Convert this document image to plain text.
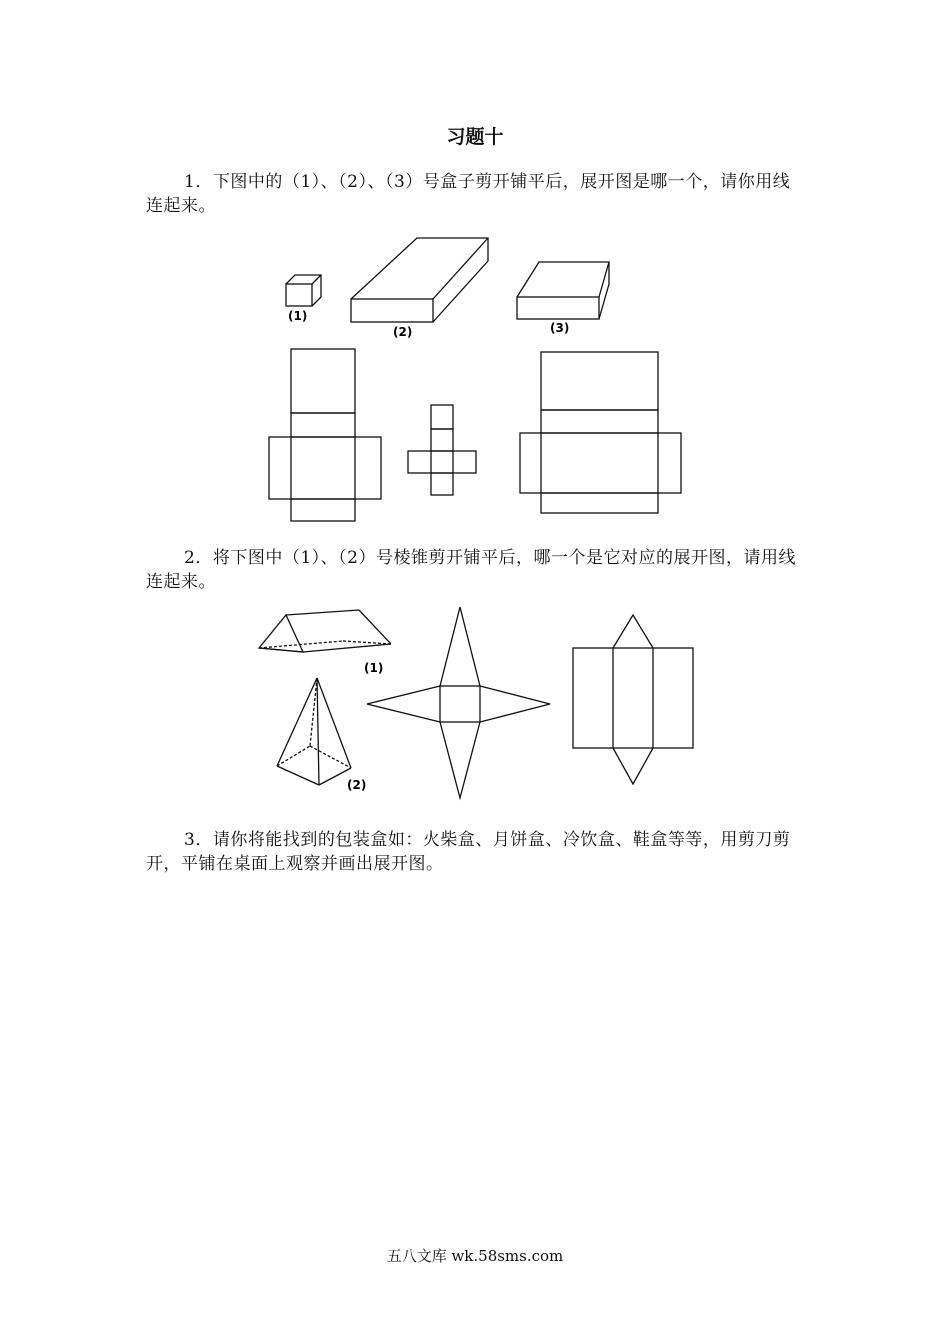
习题十
1．下图中的（1）、（2）、（3）号盒子剪开铺平后，展开图是哪一个，请你用线连起来。
(1)
(2)	(3)
2．将下图中（1）、（2）号棱锥剪开铺平后，哪一个是它对应的展开图，请用线连起来。
(1)
(2)
3．请你将能找到的包装盒如：火柴盒、月饼盒、冷饮盒、鞋盒等等，用剪刀剪开，平铺在桌面上观察并画出展开图。
五八文库 wk.58sms.com
